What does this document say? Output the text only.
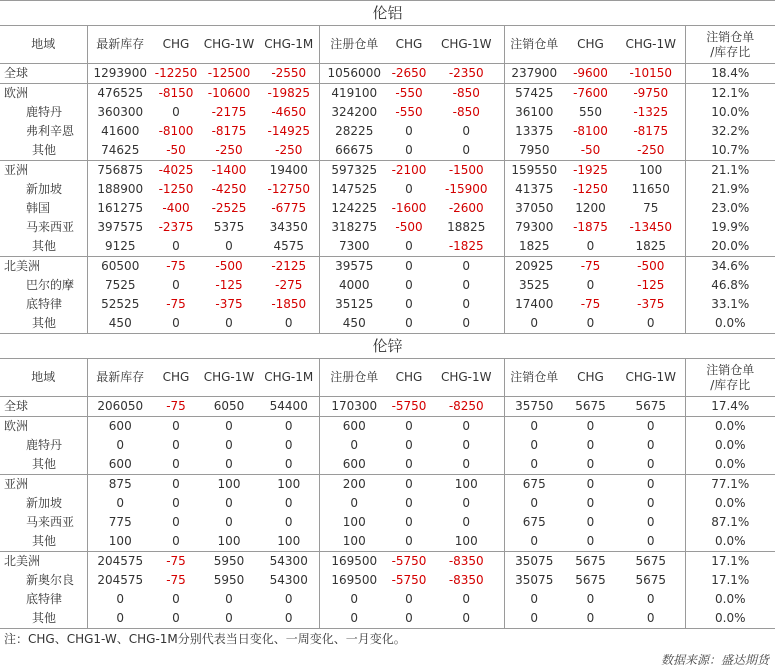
伦铝											
地域	最新库存	CHG	CHG-1W	CHG-1M	注册仓单	CHG	CHG-1W	注销仓单	CHG	CHG-1W	注销仓单
/库存比
全球	1293900	-12250	-12500	-2550	1056000	-2650	-2350	237900	-9600	-10150	18.4%
欧洲	476525	-8150	-10600	-19825	419100	-550	-850	57425	-7600	-9750	12.1%
鹿特丹	360300	0	-2175	-4650	324200	-550	-850	36100	550	-1325	10.0%
弗利辛恩	41600	-8100	-8175	-14925	28225	0	0	13375	-8100	-8175	32.2%
其他	74625	-50	-250	-250	66675	0	0	7950	-50	-250	10.7%
亚洲	756875	-4025	-1400	19400	597325	-2100	-1500	159550	-1925	100	21.1%
新加坡	188900	-1250	-4250	-12750	147525	0	-15900	41375	-1250	11650	21.9%
韩国	161275	-400	-2525	-6775	124225	-1600	-2600	37050	1200	75	23.0%
马来西亚	397575	-2375	5375	34350	318275	-500	18825	79300	-1875	-13450	19.9%
其他	9125	0	0	4575	7300	0	-1825	1825	0	1825	20.0%
北美洲	60500	-75	-500	-2125	39575	0	0	20925	-75	-500	34.6%
巴尔的摩	7525	0	-125	-275	4000	0	0	3525	0	-125	46.8%
底特律	52525	-75	-375	-1850	35125	0	0	17400	-75	-375	33.1%
其他	450	0	0	0	450	0	0	0	0	0	0.0%
伦锌											
地域	最新库存	CHG	CHG-1W	CHG-1M	注册仓单	CHG	CHG-1W	注销仓单	CHG	CHG-1W	注销仓单
/库存比
全球	206050	-75	6050	54400	170300	-5750	-8250	35750	5675	5675	17.4%
欧洲	600	0	0	0	600	0	0	0	0	0	0.0%
鹿特丹	0	0	0	0	0	0	0	0	0	0	0.0%
其他	600	0	0	0	600	0	0	0	0	0	0.0%
亚洲	875	0	100	100	200	0	100	675	0	0	77.1%
新加坡	0	0	0	0	0	0	0	0	0	0	0.0%
马来西亚	775	0	0	0	100	0	0	675	0	0	87.1%
其他	100	0	100	100	100	0	100	0	0	0	0.0%
北美洲	204575	-75	5950	54300	169500	-5750	-8350	35075	5675	5675	17.1%
新奥尔良	204575	-75	5950	54300	169500	-5750	-8350	35075	5675	5675	17.1%
底特律	0	0	0	0	0	0	0	0	0	0	0.0%
其他	0	0	0	0	0	0	0	0	0	0	0.0%
注：CHG、CHG1-W、CHG-1M分别代表当日变化、一周变化、一月变化。
数据来源：盛达期货
